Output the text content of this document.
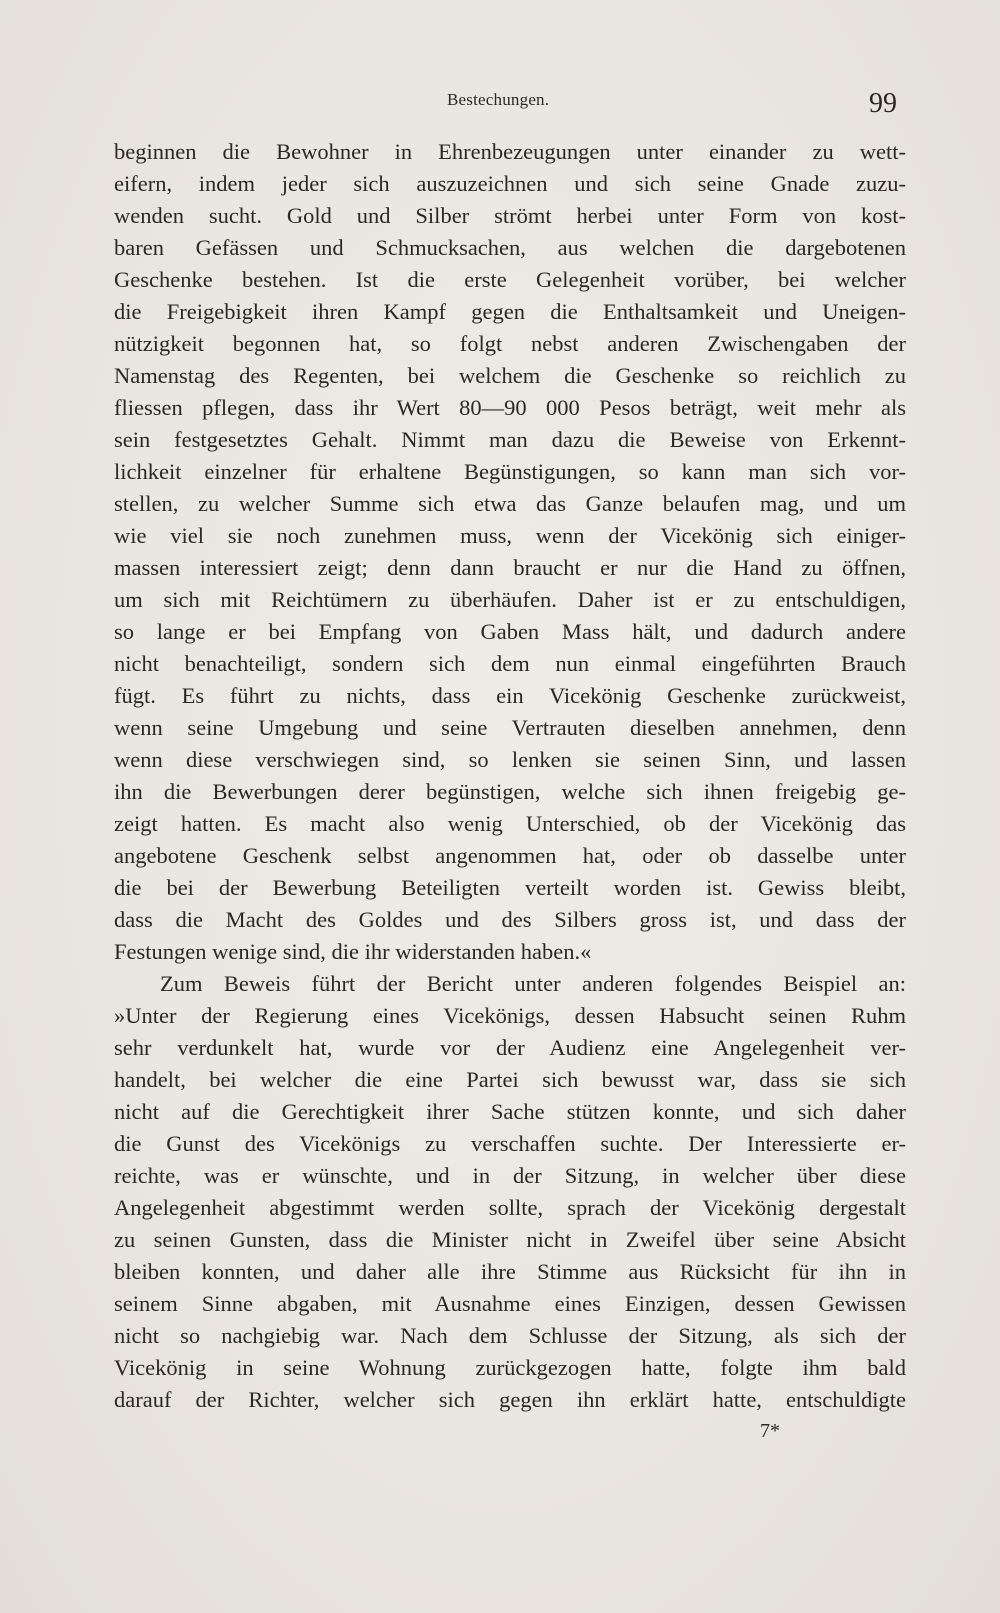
Bestechungen.	99
beginnen die Bewohner in Ehrenbezeugungen unter einander zu wett-
eifern, indem jeder sich auszuzeichnen und sich seine Gnade zuzu-
wenden sucht. Gold und Silber strömt herbei unter Form von kost-
baren Gefässen und Schmucksachen, aus welchen die dargebotenen
Geschenke bestehen. Ist die erste Gelegenheit vorüber, bei welcher
die Freigebigkeit ihren Kampf gegen die Enthaltsamkeit und Uneigen-
nützigkeit begonnen hat, so folgt nebst anderen Zwischengaben der
Namenstag des Regenten, bei welchem die Geschenke so reichlich zu
fliessen pflegen, dass ihr Wert 80—90 000 Pesos beträgt, weit mehr als
sein festgesetztes Gehalt. Nimmt man dazu die Beweise von Erkennt-
lichkeit einzelner für erhaltene Begünstigungen, so kann man sich vor-
stellen, zu welcher Summe sich etwa das Ganze belaufen mag, und um
wie viel sie noch zunehmen muss, wenn der Vicekönig sich einiger-
massen interessiert zeigt; denn dann braucht er nur die Hand zu öffnen,
um sich mit Reichtümern zu überhäufen. Daher ist er zu entschuldigen,
so lange er bei Empfang von Gaben Mass hält, und dadurch andere
nicht benachteiligt, sondern sich dem nun einmal eingeführten Brauch
fügt. Es führt zu nichts, dass ein Vicekönig Geschenke zurückweist,
wenn seine Umgebung und seine Vertrauten dieselben annehmen, denn
wenn diese verschwiegen sind, so lenken sie seinen Sinn, und lassen
ihn die Bewerbungen derer begünstigen, welche sich ihnen freigebig ge-
zeigt hatten. Es macht also wenig Unterschied, ob der Vicekönig das
angebotene Geschenk selbst angenommen hat, oder ob dasselbe unter
die bei der Bewerbung Beteiligten verteilt worden ist. Gewiss bleibt,
dass die Macht des Goldes und des Silbers gross ist, und dass der
Festungen wenige sind, die ihr widerstanden haben.«
Zum Beweis führt der Bericht unter anderen folgendes Beispiel an:
»Unter der Regierung eines Vicekönigs, dessen Habsucht seinen Ruhm
sehr verdunkelt hat, wurde vor der Audienz eine Angelegenheit ver-
handelt, bei welcher die eine Partei sich bewusst war, dass sie sich
nicht auf die Gerechtigkeit ihrer Sache stützen konnte, und sich daher
die Gunst des Vicekönigs zu verschaffen suchte. Der Interessierte er-
reichte, was er wünschte, und in der Sitzung, in welcher über diese
Angelegenheit abgestimmt werden sollte, sprach der Vicekönig dergestalt
zu seinen Gunsten, dass die Minister nicht in Zweifel über seine Absicht
bleiben konnten, und daher alle ihre Stimme aus Rücksicht für ihn in
seinem Sinne abgaben, mit Ausnahme eines Einzigen, dessen Gewissen
nicht so nachgiebig war. Nach dem Schlusse der Sitzung, als sich der
Vicekönig in seine Wohnung zurückgezogen hatte, folgte ihm bald
darauf der Richter, welcher sich gegen ihn erklärt hatte, entschuldigte
7*
